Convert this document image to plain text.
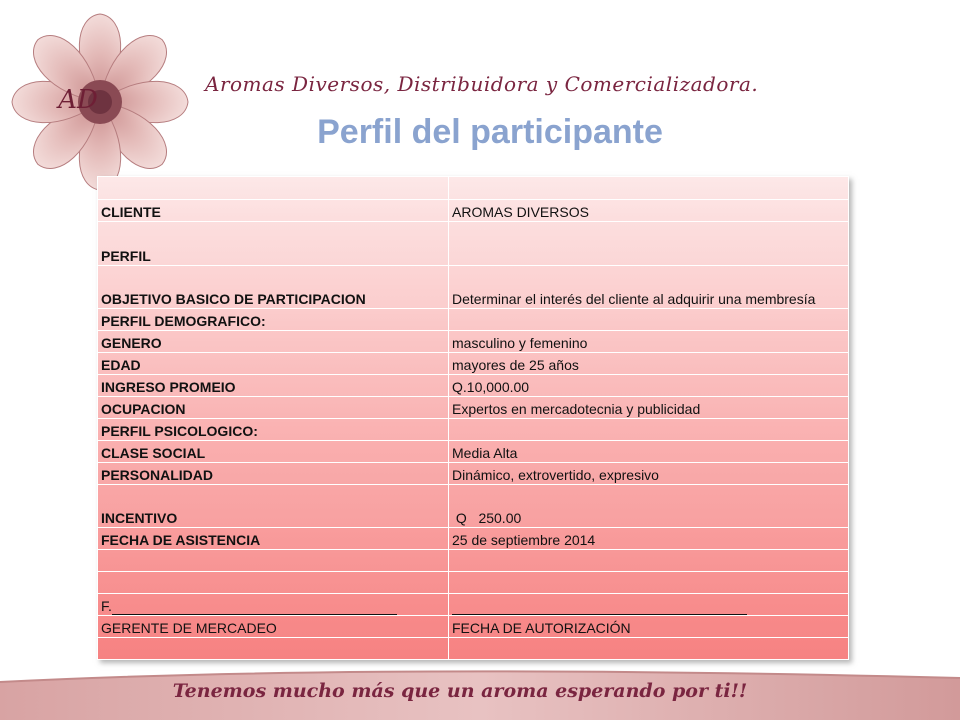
AD
Aromas Diversos, Distribuidora y Comercializadora.
Perfil del participante

CLIENTE	AROMAS DIVERSOS
PERFIL	
OBJETIVO BASICO DE PARTICIPACION	Determinar el interés del cliente al adquirir una membresía
PERFIL DEMOGRAFICO:	
GENERO	masculino y femenino
EDAD	mayores de 25 años
INGRESO PROMEIO	Q.10,000.00
OCUPACION	Expertos en mercadotecnia y publicidad
PERFIL PSICOLOGICO:	
CLASE SOCIAL	Media Alta
PERSONALIDAD	Dinámico, extrovertido, expresivo
INCENTIVO	Q   250.00
FECHA DE ASISTENCIA	25 de septiembre 2014

F.	
GERENTE DE MERCADEO	FECHA DE AUTORIZACIÓN

Tenemos mucho más que un aroma esperando por ti!!
